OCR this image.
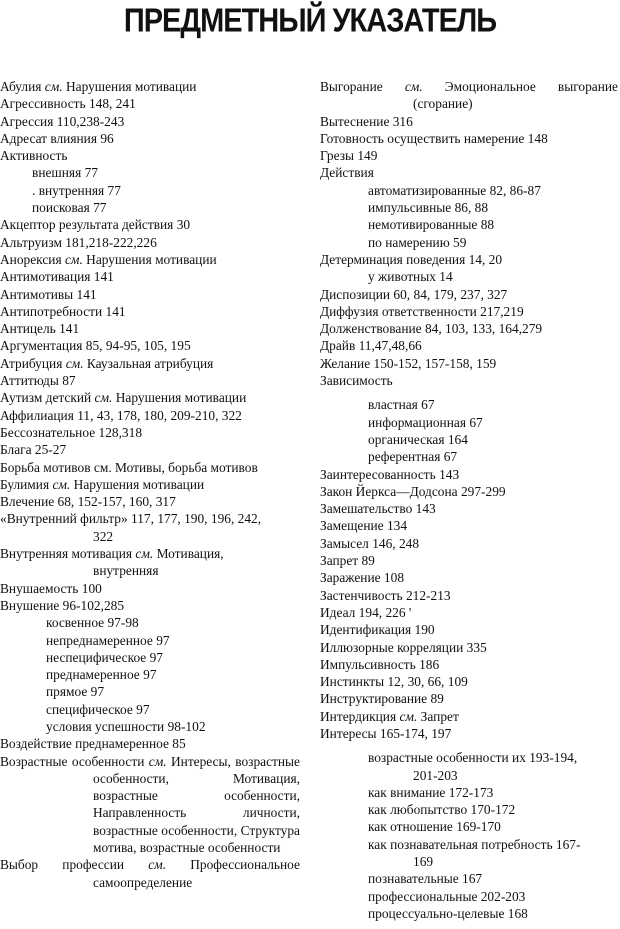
ПРЕДМЕТНЫЙ УКАЗАТЕЛЬ
Абулия см. Нарушения мотивации
Агрессивность 148, 241
Агрессия 110,238-243
Адресат влияния 96
Активность
внешняя 77
. внутренняя 77
поисковая 77
Акцептор результата действия 30
Альтруизм 181,218-222,226
Анорексия см. Нарушения мотивации
Антимотивация 141
Антимотивы 141
Антипотребности 141
Антицель 141
Аргументация 85, 94-95, 105, 195
Атрибуция см. Каузальная атрибуция
Аттитюды 87
Аутизм детский см. Нарушения мотивации
Аффилиация 11, 43, 178, 180, 209-210, 322
Бессознательное 128,318
Блага 25-27
Борьба мотивов см. Мотивы, борьба мотивов
Булимия см. Нарушения мотивации
Влечение 68, 152-157, 160, 317
«Внутренний фильтр» 117, 177, 190, 196, 242,
322
Внутренняя мотивация см. Мотивация,
внутренняя
Внушаемость 100
Внушение 96-102,285
косвенное 97-98
непреднамеренное 97
неспецифическое 97
преднамеренное 97
прямое 97
специфическое 97
условия успешности 98-102
Воздействие преднамеренное 85
Возрастные особенности см. Интересы, возрастные особенности, Мотивация, возрастные особенности, Направленность личности, возрастные особенности, Структура мотива, возрастные особенности
Выбор профессии см. Профессиональное самоопределение
Выгорание см. Эмоциональное выгорание (сгорание)
Вытеснение 316
Готовность осуществить намерение 148
Грезы 149
Действия
автоматизированные 82, 86-87
импульсивные 86, 88
немотивированные 88
по намерению 59
Детерминация поведения 14, 20
у животных 14
Диспозиции 60, 84, 179, 237, 327
Диффузия ответственности 217,219
Долженствование 84, 103, 133, 164,279
Драйв 11,47,48,66
Желание 150-152, 157-158, 159
Зависимость
властная 67
информационная 67
органическая 164
референтная 67
Заинтересованность 143
Закон Йеркса—Додсона 297-299
Замешательство 143
Замещение 134
Замысел 146, 248
Запрет 89
Заражение 108
Застенчивость 212-213
Идеал 194, 226 '
Идентификация 190
Иллюзорные корреляции 335
Импульсивность 186
Инстинкты 12, 30, 66, 109
Инструктирование 89
Интердикция см. Запрет
Интересы 165-174, 197
возрастные особенности их 193-194,
201-203
как внимание 172-173
как любопытство 170-172
как отношение 169-170
как познавательная потребность 167-
169
познавательные 167
профессиональные 202-203
процессуально-целевые 168
